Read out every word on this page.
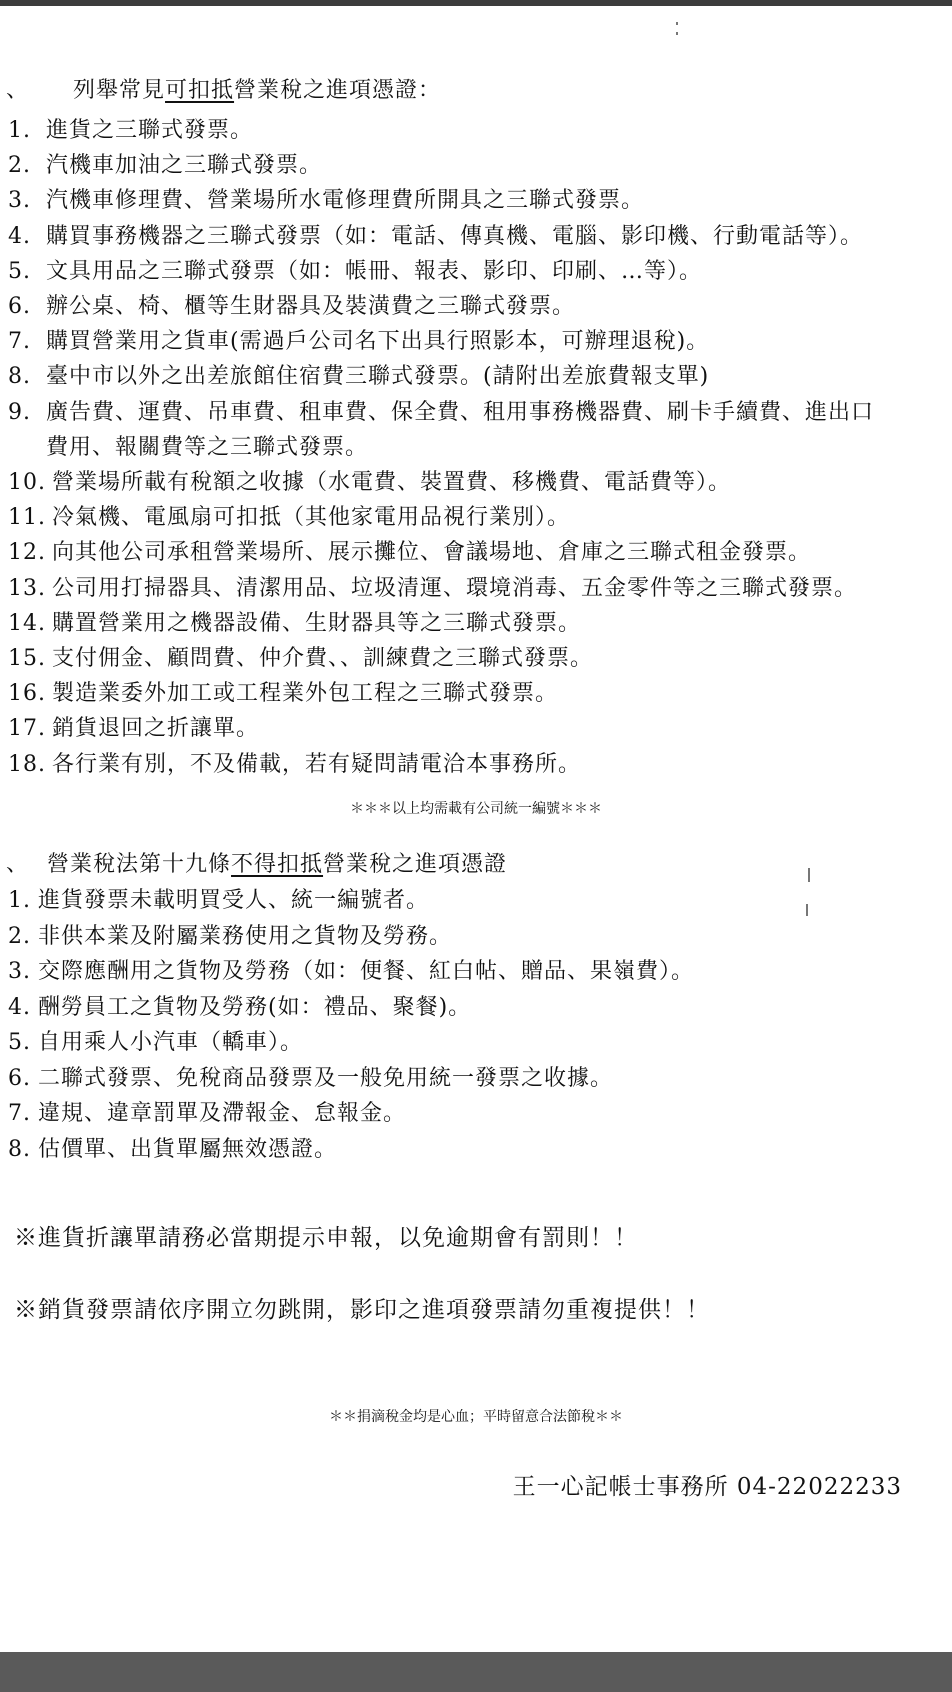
、 列舉常見可扣抵營業稅之進項憑證：
1. 進貨之三聯式發票。
2. 汽機車加油之三聯式發票。
3. 汽機車修理費、營業場所水電修理費所開具之三聯式發票。
4. 購買事務機器之三聯式發票（如：電話、傳真機、電腦、影印機、行動電話等）。
5. 文具用品之三聯式發票（如：帳冊、報表、影印、印刷、…等）。
6. 辦公桌、椅、櫃等生財器具及裝潢費之三聯式發票。
7. 購買營業用之貨車(需過戶公司名下出具行照影本，可辦理退稅)。
8. 臺中市以外之出差旅館住宿費三聯式發票。(請附出差旅費報支單)
9. 廣告費、運費、吊車費、租車費、保全費、租用事務機器費、刷卡手續費、進出口
費用、報關費等之三聯式發票。
10. 營業場所載有稅額之收據（水電費、裝置費、移機費、電話費等）。
11. 冷氣機、電風扇可扣抵（其他家電用品視行業別）。
12. 向其他公司承租營業場所、展示攤位、會議場地、倉庫之三聯式租金發票。
13. 公司用打掃器具、清潔用品、垃圾清運、環境消毒、五金零件等之三聯式發票。
14. 購置營業用之機器設備、生財器具等之三聯式發票。
15. 支付佣金、顧問費、仲介費、、訓練費之三聯式發票。
16. 製造業委外加工或工程業外包工程之三聯式發票。
17. 銷貨退回之折讓單。
18. 各行業有別，不及備載，若有疑問請電洽本事務所。
＊＊＊以上均需載有公司統一編號＊＊＊
、 營業稅法第十九條不得扣抵營業稅之進項憑證
1. 進貨發票未載明買受人、統一編號者。
2. 非供本業及附屬業務使用之貨物及勞務。
3. 交際應酬用之貨物及勞務（如：便餐、紅白帖、贈品、果嶺費）。
4. 酬勞員工之貨物及勞務(如：禮品、聚餐)。
5. 自用乘人小汽車（轎車）。
6. 二聯式發票、免稅商品發票及一般免用統一發票之收據。
7. 違規、違章罰單及滯報金、怠報金。
8. 估價單、出貨單屬無效憑證。
※進貨折讓單請務必當期提示申報，以免逾期會有罰則！！
※銷貨發票請依序開立勿跳開，影印之進項發票請勿重複提供！！
＊＊捐滴稅金均是心血；平時留意合法節稅＊＊
王一心記帳士事務所 04-22022233
